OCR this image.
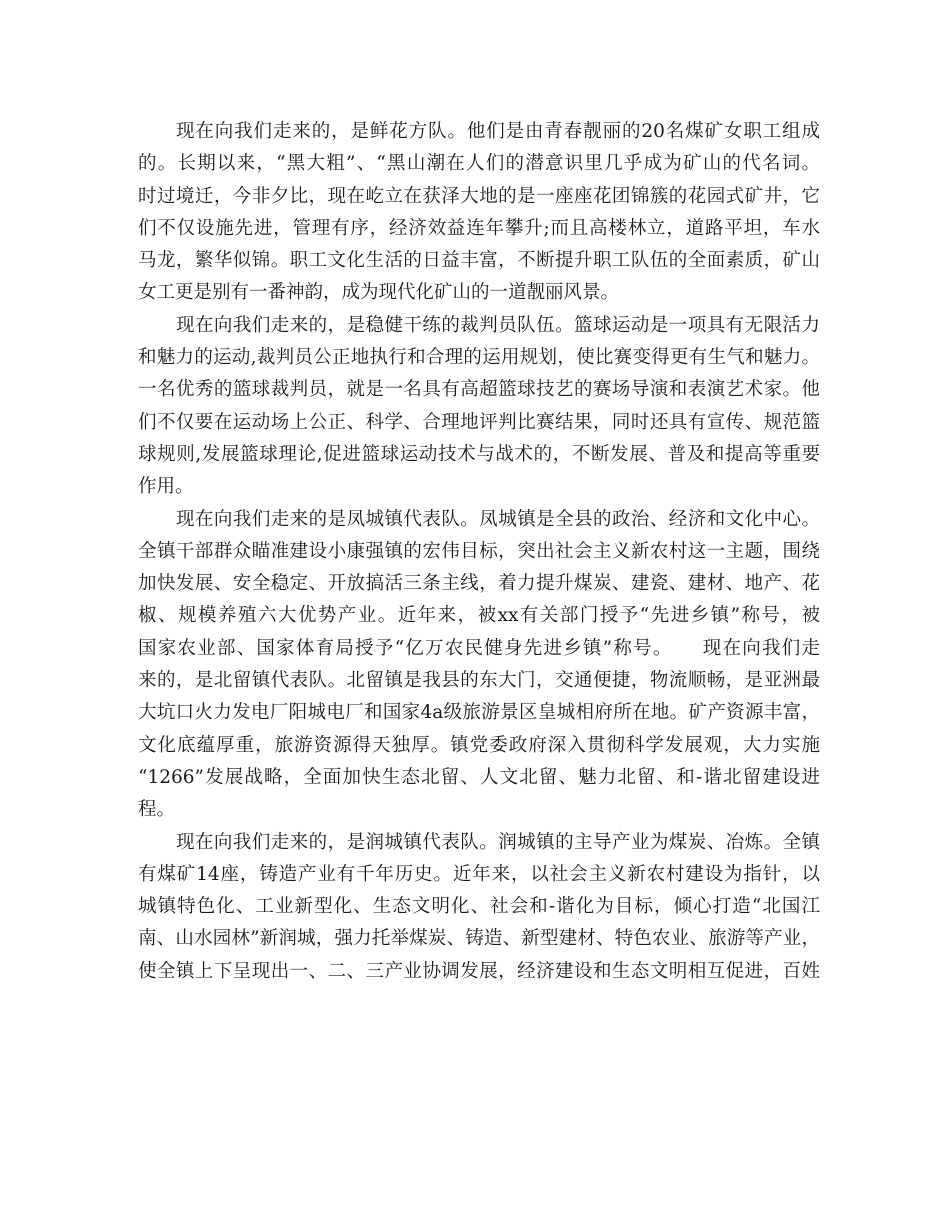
现在向我们走来的，是鲜花方队。他们是由青春靓丽的20名煤矿女职工组成
的。长期以来，“黑大粗”、“黑山潮在人们的潜意识里几乎成为矿山的代名词。
时过境迁，今非夕比，现在屹立在获泽大地的是一座座花团锦簇的花园式矿井，它
们不仅设施先进，管理有序，经济效益连年攀升;而且高楼林立，道路平坦，车水
马龙，繁华似锦。职工文化生活的日益丰富，不断提升职工队伍的全面素质，矿山
女工更是别有一番神韵，成为现代化矿山的一道靓丽风景。
现在向我们走来的，是稳健干练的裁判员队伍。篮球运动是一项具有无限活力
和魅力的运动,裁判员公正地执行和合理的运用规划，使比赛变得更有生气和魅力。
一名优秀的篮球裁判员，就是一名具有高超篮球技艺的赛场导演和表演艺术家。他
们不仅要在运动场上公正、科学、合理地评判比赛结果，同时还具有宣传、规范篮
球规则,发展篮球理论,促进篮球运动技术与战术的，不断发展、普及和提高等重要
作用。
现在向我们走来的是凤城镇代表队。凤城镇是全县的政治、经济和文化中心。
全镇干部群众瞄准建设小康强镇的宏伟目标，突出社会主义新农村这一主题，围绕
加快发展、安全稳定、开放搞活三条主线，着力提升煤炭、建瓷、建材、地产、花
椒、规模养殖六大优势产业。近年来，被xx有关部门授予“先进乡镇”称号，被
国家农业部、国家体育局授予“亿万农民健身先进乡镇”称号。　　现在向我们走
来的，是北留镇代表队。北留镇是我县的东大门，交通便捷，物流顺畅，是亚洲最
大坑口火力发电厂阳城电厂和国家4a级旅游景区皇城相府所在地。矿产资源丰富，
文化底蕴厚重，旅游资源得天独厚。镇党委政府深入贯彻科学发展观，大力实施
“1266”发展战略，全面加快生态北留、人文北留、魅力北留、和-谐北留建设进
程。
现在向我们走来的，是润城镇代表队。润城镇的主导产业为煤炭、冶炼。全镇
有煤矿14座，铸造产业有千年历史。近年来，以社会主义新农村建设为指针，以
城镇特色化、工业新型化、生态文明化、社会和-谐化为目标，倾心打造“北国江
南、山水园林”新润城，强力托举煤炭、铸造、新型建材、特色农业、旅游等产业，
使全镇上下呈现出一、二、三产业协调发展，经济建设和生态文明相互促进，百姓
